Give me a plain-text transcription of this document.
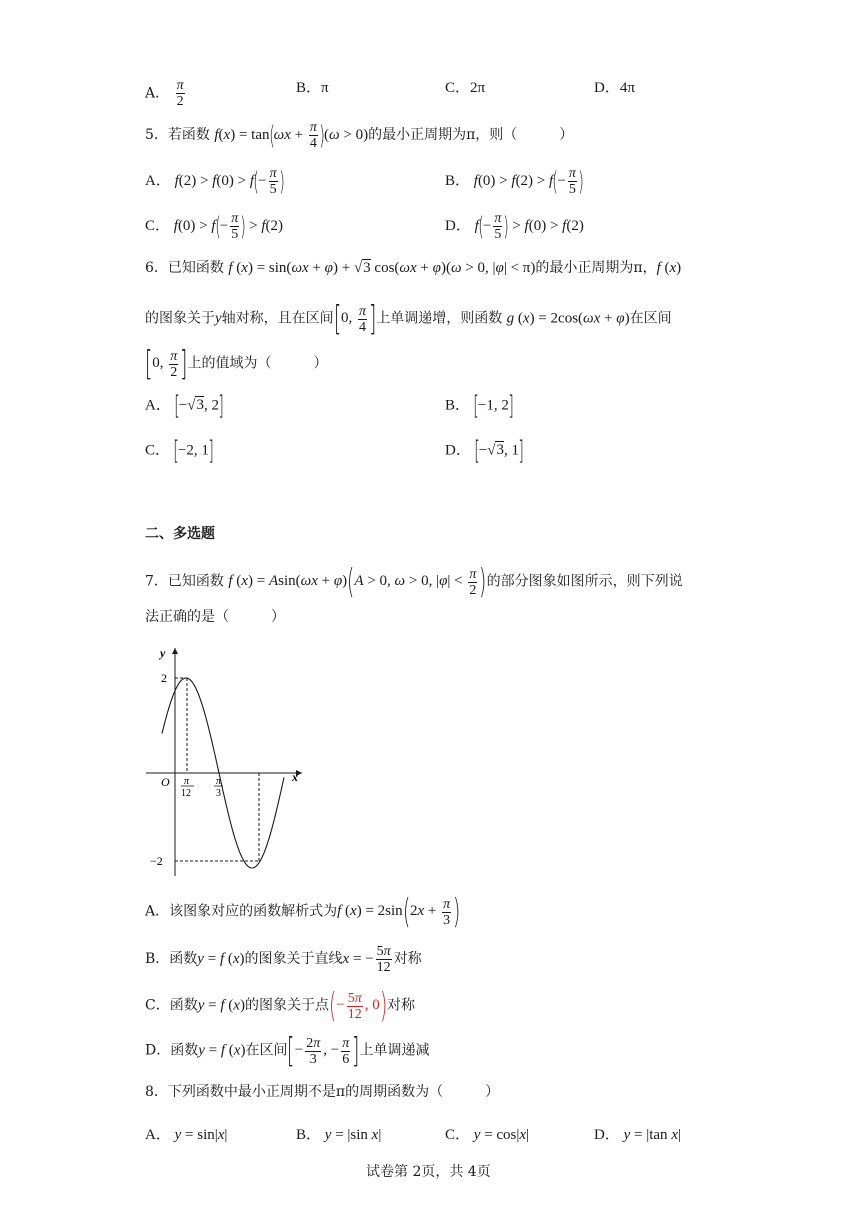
A． $\frac{\pi}{2}$	B．π	C．2π	D．4π
5．若函数 $f(x) = \tan(\omega x + \frac{\pi}{4} )(\omega > 0)$的最小正周期为π，则（　　　）
A． $f(2) > f(0) > f(- \frac{\pi}{5}$ )	B． $f(0) > f(2) > f(- \frac{\pi}{5}$ )
C． $f(0) > f(- \frac{\pi}{5}$ ) > f(2)	D． $f(- \frac{\pi}{5}$ ) > f(0) > f(2)
6．已知函数 f (x) = sin(ωx + φ) + √3 cos(ωx + φ)(ω > 0, |φ| < π)的最小正周期为π，f (x)
的图象关于y轴对称，且在区间[0, $\frac{\pi}{4}$ ]上单调递增，则函数 g (x) = 2cos(ωx + φ)在区间
[0, $\frac{\pi}{2}$ ]上的值域为（　　　）
A． [−√3, 2]	B． [−1, 2]
C． [−2, 1]	D． [−√3, 1]
二、多选题
7．已知函数 f (x) = Asin(ωx + φ)(A > 0, ω > 0, $|\varphi| < \frac{\pi}{2}$ )的部分图象如图所示，则下列说
法正确的是（　　　）
y
x
O
2
−2
π
12
π
3
A．该图象对应的函数解析式为f $(x) = 2\sin(2x + \frac{\pi}{3}$ )
B．函数y = f (x)的图象关于直线x = − $\frac{5\pi}{12}$ 对称
C．函数y = f (x)的图象关于点(− $\frac{5\pi}{12}$ , 0)对称
D．函数y = f (x)在区间[− $\frac{2\pi}{3}$ , − $\frac{\pi}{6}$ ]上单调递减
8．下列函数中最小正周期不是π的周期函数为（　　　）
A． y = sin|x|	B． y = |sin x|	C． y = cos|x|	D． y = |tan x|
试卷第 2页，共 4页
